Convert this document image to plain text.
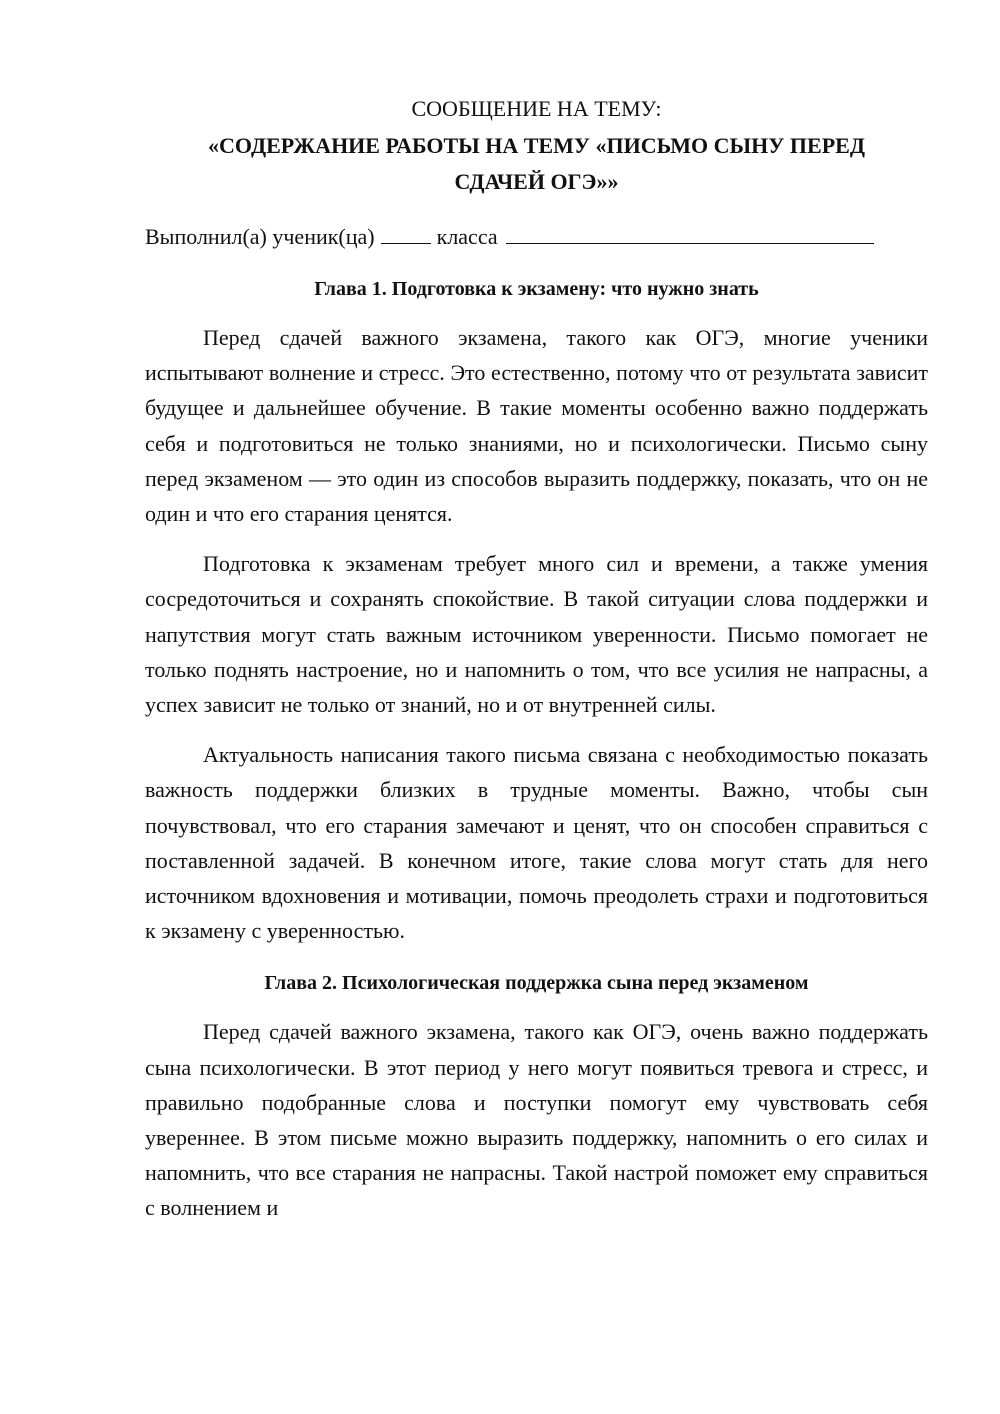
СООБЩЕНИЕ НА ТЕМУ:

«СОДЕРЖАНИЕ РАБОТЫ НА ТЕМУ «ПИСЬМО СЫНУ ПЕРЕД СДАЧЕЙ ОГЭ»»

Выполнил(а) ученик(ца)	класса

Глава 1. Подготовка к экзамену: что нужно знать

Перед сдачей важного экзамена, такого как ОГЭ, многие ученики испытывают волнение и стресс. Это естественно, потому что от результата зависит будущее и дальнейшее обучение. В такие моменты особенно важно поддержать себя и подготовиться не только знаниями, но и психологически. Письмо сыну перед экзаменом — это один из способов выразить поддержку, показать, что он не один и что его старания ценятся.

Подготовка к экзаменам требует много сил и времени, а также умения сосредоточиться и сохранять спокойствие. В такой ситуации слова поддержки и напутствия могут стать важным источником уверенности. Письмо помогает не только поднять настроение, но и напомнить о том, что все усилия не напрасны, а успех зависит не только от знаний, но и от внутренней силы.

Актуальность написания такого письма связана с необходимостью показать важность поддержки близких в трудные моменты. Важно, чтобы сын почувствовал, что его старания замечают и ценят, что он способен справиться с поставленной задачей. В конечном итоге, такие слова могут стать для него источником вдохновения и мотивации, помочь преодолеть страхи и подготовиться к экзамену с уверенностью.

Глава 2. Психологическая поддержка сына перед экзаменом

Перед сдачей важного экзамена, такого как ОГЭ, очень важно поддержать сына психологически. В этот период у него могут появиться тревога и стресс, и правильно подобранные слова и поступки помогут ему чувствовать себя увереннее. В этом письме можно выразить поддержку, напомнить о его силах и напомнить, что все старания не напрасны. Такой настрой поможет ему справиться с волнением и
